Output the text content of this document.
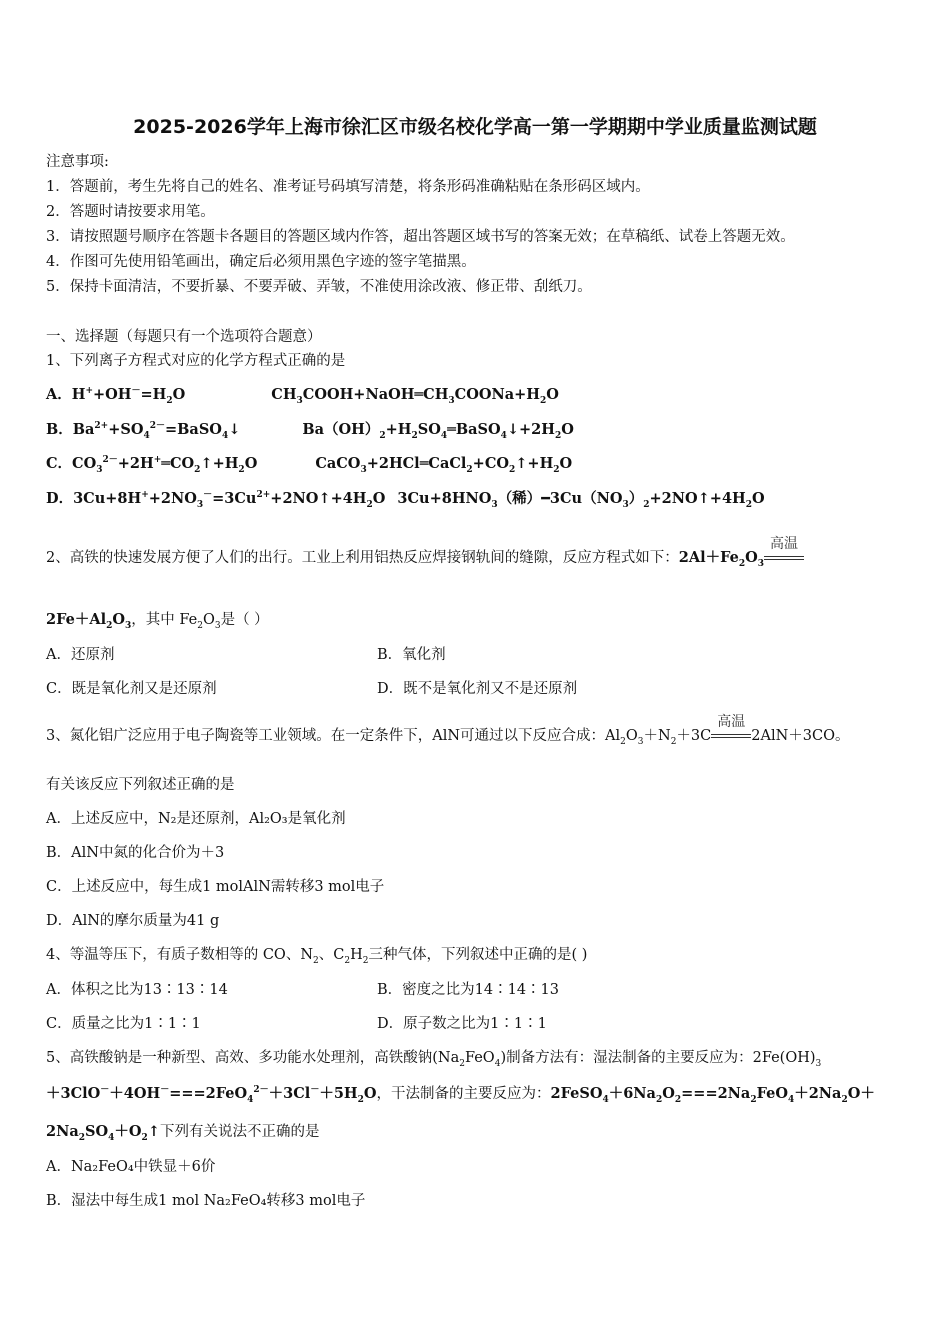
2025-2026学年上海市徐汇区市级名校化学高一第一学期期中学业质量监测试题
注意事项:
1．答题前，考生先将自己的姓名、准考证号码填写清楚，将条形码准确粘贴在条形码区域内。
2．答题时请按要求用笔。
3．请按照题号顺序在答题卡各题目的答题区域内作答，超出答题区域书写的答案无效；在草稿纸、试卷上答题无效。
4．作图可先使用铅笔画出，确定后必须用黑色字迹的签字笔描黑。
5．保持卡面清洁，不要折暴、不要弄破、弄皱，不准使用涂改液、修正带、刮纸刀。
一、选择题（每题只有一个选项符合题意）
1、下列离子方程式对应的化学方程式正确的是
A．$H^++OH^-=H_2O$	$CH_3COOH+NaOH═CH_3COONa+H_2O$
B．$Ba^{2+}+SO_4^{2-}=BaSO_4↓$	$Ba(OH)_2+H_2SO_4═BaSO_4↓+2H_2O$
C．$CO_3^{2-}+2H^+═CO_2↑+H_2O$	$CaCO_3+2HCl═CaCl_2+CO_2↑+H_2O$
D．$3Cu+8H^++2NO_3^-=3Cu^{2+}+2NO↑+4H_2O$ $3Cu+8HNO_3$（稀）$━3Cu(NO_3)_2+2NO↑+4H_2O$
2、高铁的快速发展方便了人们的出行。工业上利用铝热反应焊接钢轨间的缝隙，反应方程式如下：$2Al+Fe_2O_3$
高温
$2Fe+Al_2O_3$，其中 $Fe_2O_3$是（ ）
A．还原剂	B．氧化剂
C．既是氧化剂又是还原剂	D．既不是氧化剂又不是还原剂
3、氮化铝广泛应用于电子陶瓷等工业领域。在一定条件下，AlN可通过以下反应合成：$Al_2O_3+N_2+3C$
高温
2AlN＋3CO。
有关该反应下列叙述正确的是
A．上述反应中，N₂是还原剂，Al₂O₃是氧化剂
B．AlN中氮的化合价为＋3
C．上述反应中，每生成1 molAlN需转移3 mol电子
D．AlN的摩尔质量为41 g
4、等温等压下，有质子数相等的 CO、$N_2$、$C_2H_2$三种气体，下列叙述中正确的是( )
A．体积之比为13∶13∶14	B．密度之比为14∶14∶13
C．质量之比为1∶1∶1	D．原子数之比为1∶1∶1
5、高铁酸钠是一种新型、高效、多功能水处理剂，高铁酸钠$(Na_2FeO_4)$制备方法有：湿法制备的主要反应为：$2Fe(OH)_3$
$+3ClO^-+4OH^-===2FeO_4^{2-}+3Cl^-+5H_2O$，干法制备的主要反应为：$2FeSO_4+6Na_2O_2===2Na_2FeO_4+2Na_2O+$
$2Na_2SO_4+O_2↑$下列有关说法不正确的是
A．Na₂FeO₄中铁显＋6价
B．湿法中每生成1 mol Na₂FeO₄转移3 mol电子
